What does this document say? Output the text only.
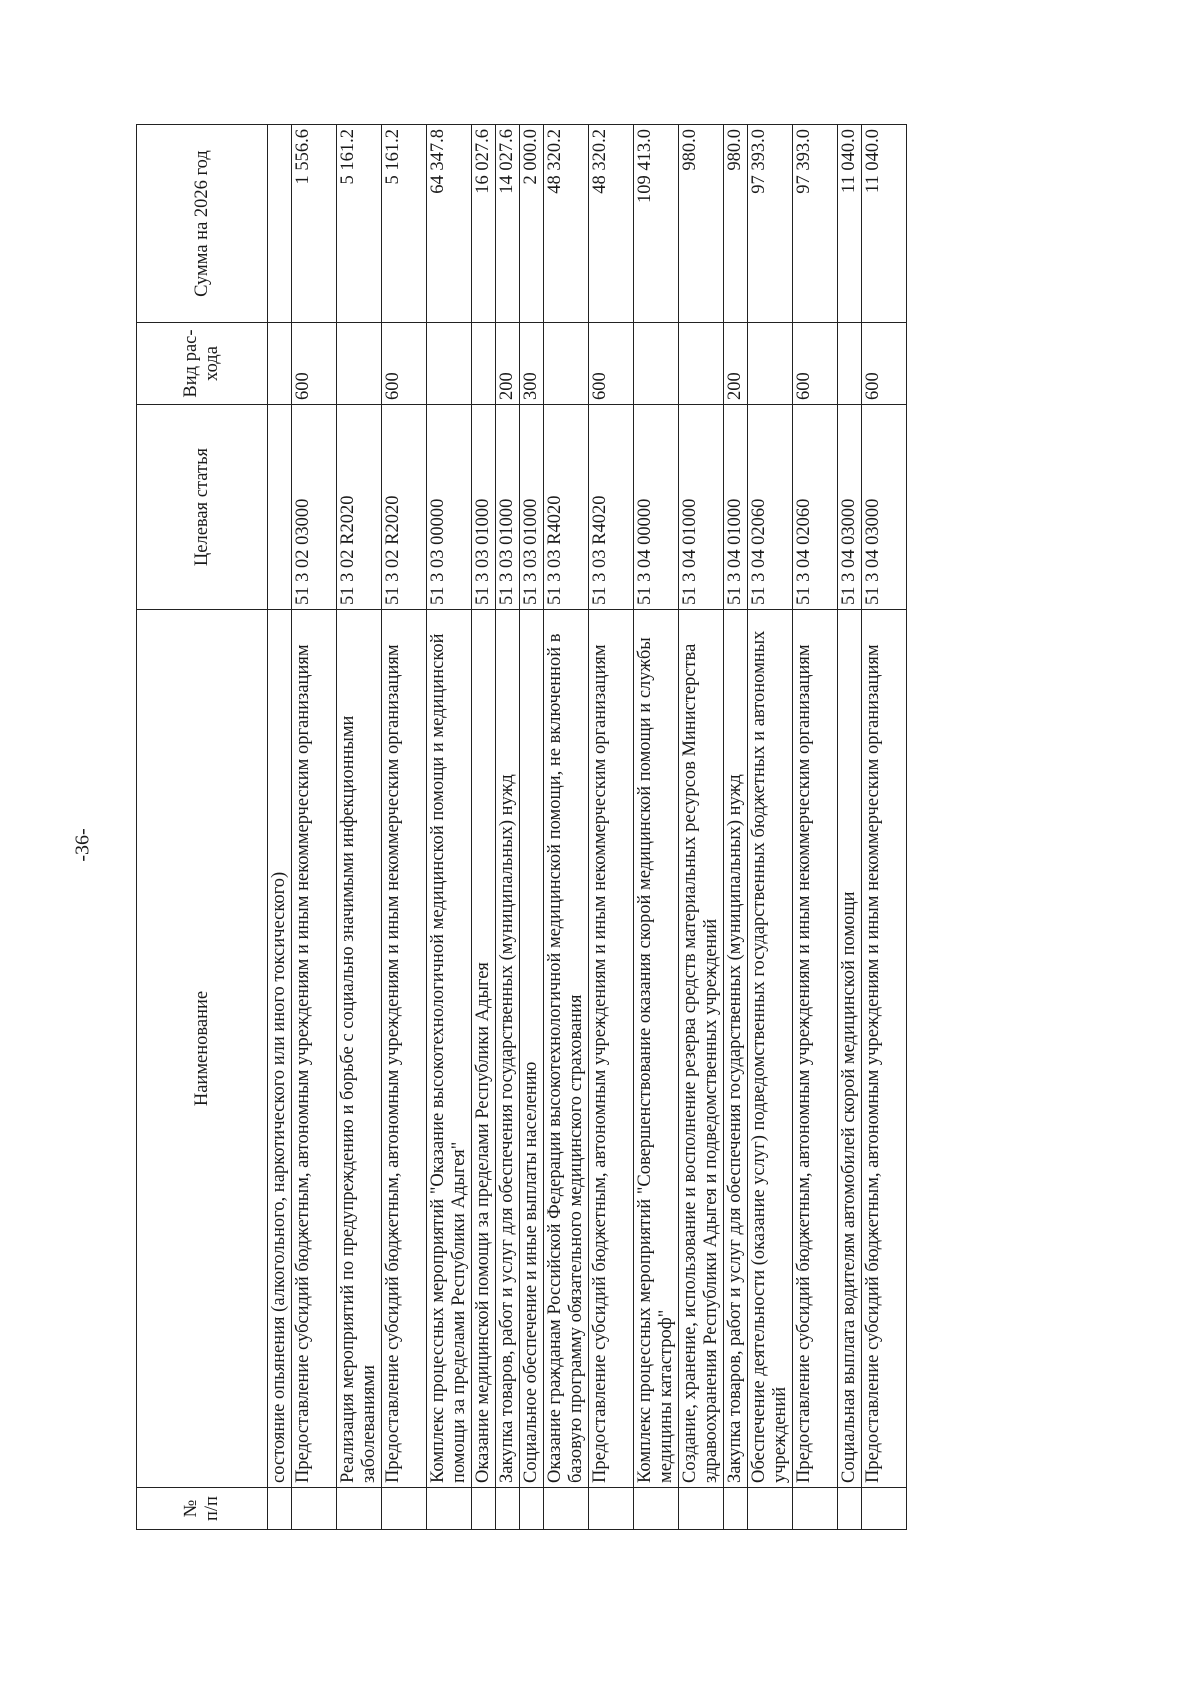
-36-
№ п/п	Наименование	Целевая статья	Вид рас-хода	Сумма на 2026 год
	состояние опьянения (алкогольного, наркотического или иного токсического)			
	Предоставление субсидий бюджетным, автономным учреждениям и иным некоммерческим организациям	51 3 02 03000	600	1 556.6
	Реализация мероприятий по предупреждению и борьбе с социально значимыми инфекционными заболеваниями	51 3 02 R2020		5 161.2
	Предоставление субсидий бюджетным, автономным учреждениям и иным некоммерческим организациям	51 3 02 R2020	600	5 161.2
	Комплекс процессных мероприятий "Оказание высокотехнологичной медицинской помощи и медицинской помощи за пределами Республики Адыгея"	51 3 03 00000		64 347.8
	Оказание медицинской помощи за пределами Республики Адыгея	51 3 03 01000		16 027.6
	Закупка товаров, работ и услуг для обеспечения государственных (муниципальных) нужд	51 3 03 01000	200	14 027.6
	Социальное обеспечение и иные выплаты населению	51 3 03 01000	300	2 000.0
	Оказание гражданам Российской Федерации высокотехнологичной медицинской помощи, не включенной в базовую программу обязательного медицинского страхования	51 3 03 R4020		48 320.2
	Предоставление субсидий бюджетным, автономным учреждениям и иным некоммерческим организациям	51 3 03 R4020	600	48 320.2
	Комплекс процессных мероприятий "Совершенствование оказания скорой медицинской помощи и службы медицины катастроф"	51 3 04 00000		109 413.0
	Создание, хранение, использование и восполнение резерва средств материальных ресурсов Министерства здравоохранения Республики Адыгея и подведомственных учреждений	51 3 04 01000		980.0
	Закупка товаров, работ и услуг для обеспечения государственных (муниципальных) нужд	51 3 04 01000	200	980.0
	Обеспечение деятельности (оказание услуг) подведомственных государственных бюджетных и автономных учреждений	51 3 04 02060		97 393.0
	Предоставление субсидий бюджетным, автономным учреждениям и иным некоммерческим организациям	51 3 04 02060	600	97 393.0
	Социальная выплата водителям автомобилей скорой медицинской помощи	51 3 04 03000		11 040.0
	Предоставление субсидий бюджетным, автономным учреждениям и иным некоммерческим организациям	51 3 04 03000	600	11 040.0
